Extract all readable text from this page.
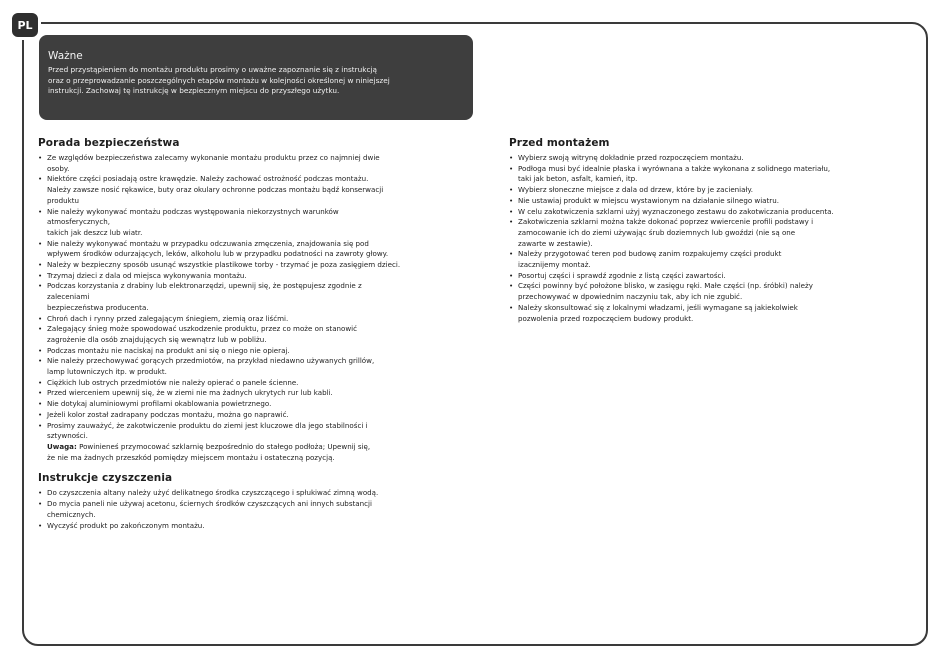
PL
Ważne
Przed przystąpieniem do montażu produktu prosimy o uważne zapoznanie się z instrukcją
oraz o przeprowadzanie poszczególnych etapów montażu w kolejności określonej w niniejszej
instrukcji. Zachowaj tę instrukcję w bezpiecznym miejscu do przyszłego użytku.
Porada bezpieczeństwa
• Ze względów bezpieczeństwa zalecamy wykonanie montażu produktu przez co najmniej dwie
osoby.
• Niektóre części posiadają ostre krawędzie. Należy zachować ostrożność podczas montażu.
Należy zawsze nosić rękawice, buty oraz okulary ochronne podczas montażu bądź konserwacji
produktu
• Nie należy wykonywać montażu podczas występowania niekorzystnych warunków
atmosferycznych,
takich jak deszcz lub wiatr.
• Nie należy wykonywać montażu w przypadku odczuwania zmęczenia, znajdowania się pod
wpływem środków odurzających, leków, alkoholu lub w przypadku podatności na zawroty głowy.
• Należy w bezpieczny sposób usunąć wszystkie plastikowe torby - trzymać je poza zasięgiem dzieci.
• Trzymaj dzieci z dala od miejsca wykonywania montażu.
• Podczas korzystania z drabiny lub elektronarzędzi, upewnij się, że postępujesz zgodnie z
zaleceniami
bezpieczeństwa producenta.
• Chroń dach i rynny przed zalegającym śniegiem, ziemią oraz liśćmi.
• Zalegający śnieg może spowodować uszkodzenie produktu, przez co może on stanowić
zagrożenie dla osób znajdujących się wewnątrz lub w pobliżu.
• Podczas montażu nie naciskaj na produkt ani się o niego nie opieraj.
• Nie należy przechowywać gorących przedmiotów, na przykład niedawno używanych grillów,
lamp lutowniczych itp. w produkt.
• Ciężkich lub ostrych przedmiotów nie należy opierać o panele ścienne.
• Przed wierceniem upewnij się, że w ziemi nie ma żadnych ukrytych rur lub kabli.
• Nie dotykaj aluminiowymi profilami okablowania powietrznego.
• Jeżeli kolor został zadrapany podczas montażu, można go naprawić.
• Prosimy zauważyć, że zakotwiczenie produktu do ziemi jest kluczowe dla jego stabilności i
sztywności.
Uwaga: Powinieneś przymocować szklarnię bezpośrednio do stałego podłoża; Upewnij się,
że nie ma żadnych przeszkód pomiędzy miejscem montażu i ostateczną pozycją.
Instrukcje czyszczenia
• Do czyszczenia altany należy użyć delikatnego środka czyszczącego i spłukiwać zimną wodą.
• Do mycia paneli nie używaj acetonu, ściernych środków czyszczących ani innych substancji
chemicznych.
• Wyczyść produkt po zakończonym montażu.
Przed montażem
• Wybierz swoją witrynę dokładnie przed rozpoczęciem montażu.
• Podłoga musi być idealnie płaska i wyrównana a także wykonana z solidnego materiału,
taki jak beton, asfalt, kamień, itp.
• Wybierz słoneczne miejsce z dala od drzew, które by je zacieniały.
• Nie ustawiaj produkt w miejscu wystawionym na działanie silnego wiatru.
• W celu zakotwiczenia szklarni użyj wyznaczonego zestawu do zakotwiczania producenta.
• Zakotwiczenia szklarni można także dokonać poprzez wwiercenie profili podstawy i
zamocowanie ich do ziemi używając śrub doziemnych lub gwoździ (nie są one
zawarte w zestawie).
• Należy przygotować teren pod budowę zanim rozpakujemy części produkt
izacznijemy montaż.
• Posortuj części i sprawdź zgodnie z listą części zawartości.
• Części powinny być położone blisko, w zasięgu ręki. Małe części (np. śróbki) należy
przechowywać w dpowiednim naczyniu tak, aby ich nie zgubić.
• Należy skonsultować się z lokalnymi władzami, jeśli wymagane są jakiekolwiek
pozwolenia przed rozpoczęciem budowy produkt.
